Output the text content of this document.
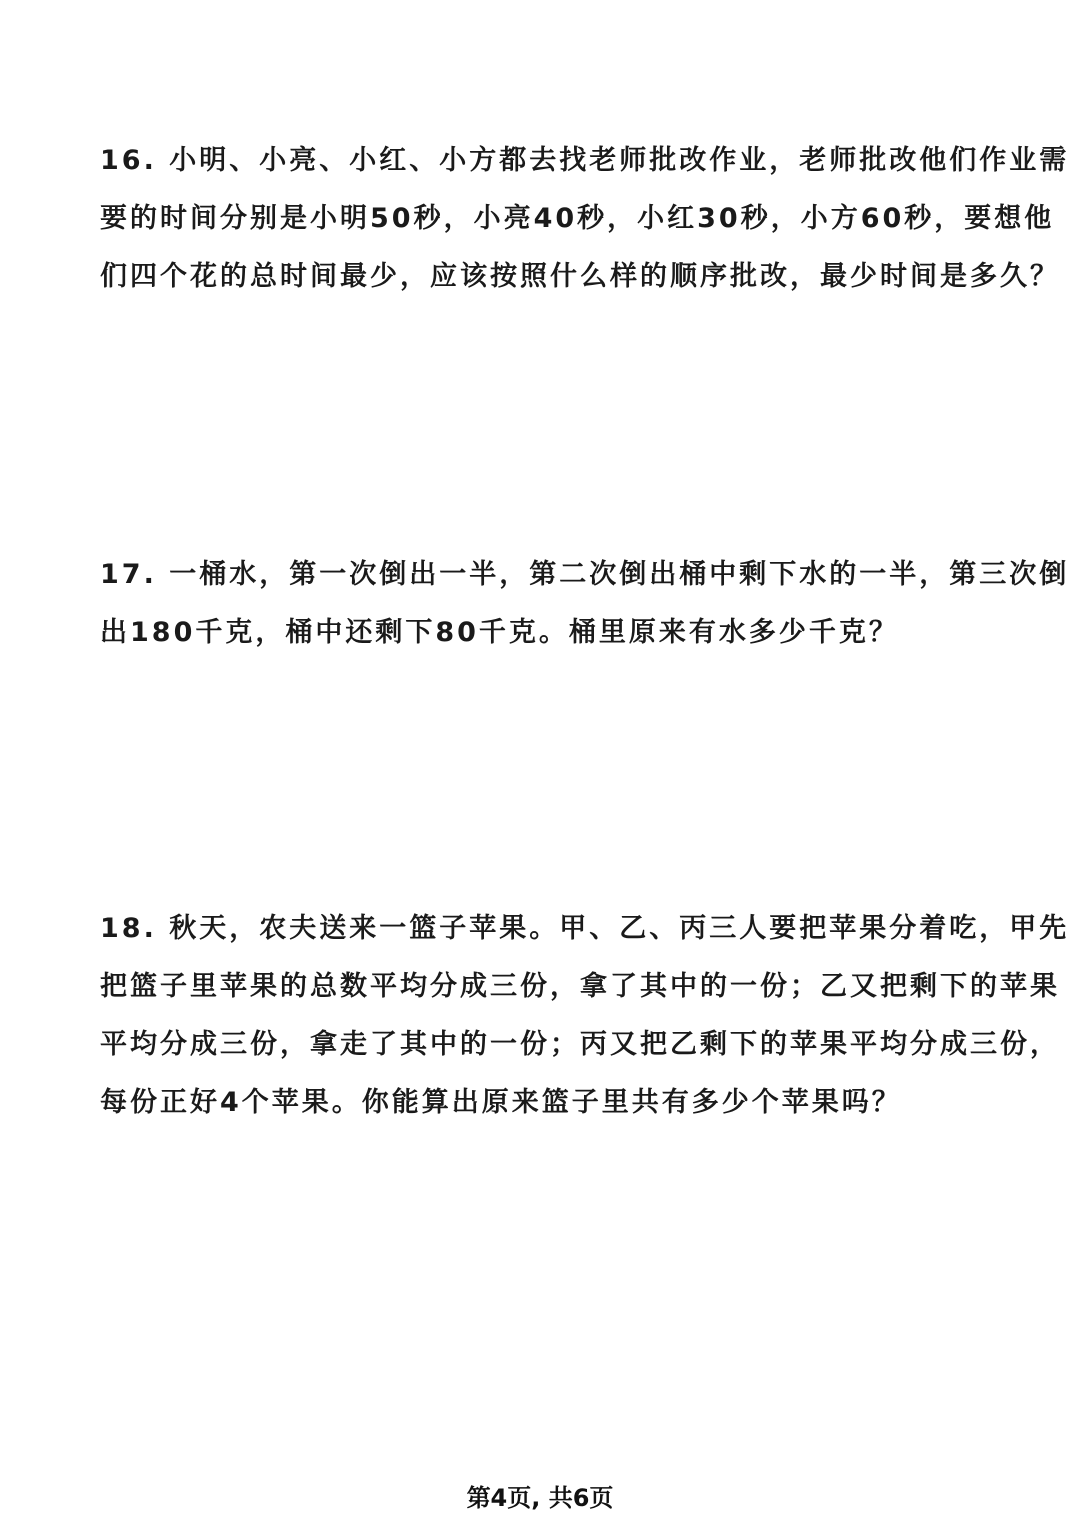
16. 小明、小亮、小红、小方都去找老师批改作业，老师批改他们作业需
要的时间分别是小明50秒，小亮40秒，小红30秒，小方60秒，要想他
们四个花的总时间最少，应该按照什么样的顺序批改，最少时间是多久？
17. 一桶水，第一次倒出一半，第二次倒出桶中剩下水的一半，第三次倒
出180千克，桶中还剩下80千克。桶里原来有水多少千克？
18. 秋天，农夫送来一篮子苹果。甲、乙、丙三人要把苹果分着吃，甲先
把篮子里苹果的总数平均分成三份，拿了其中的一份；乙又把剩下的苹果
平均分成三份，拿走了其中的一份；丙又把乙剩下的苹果平均分成三份，
每份正好4个苹果。你能算出原来篮子里共有多少个苹果吗？
第4页, 共6页
